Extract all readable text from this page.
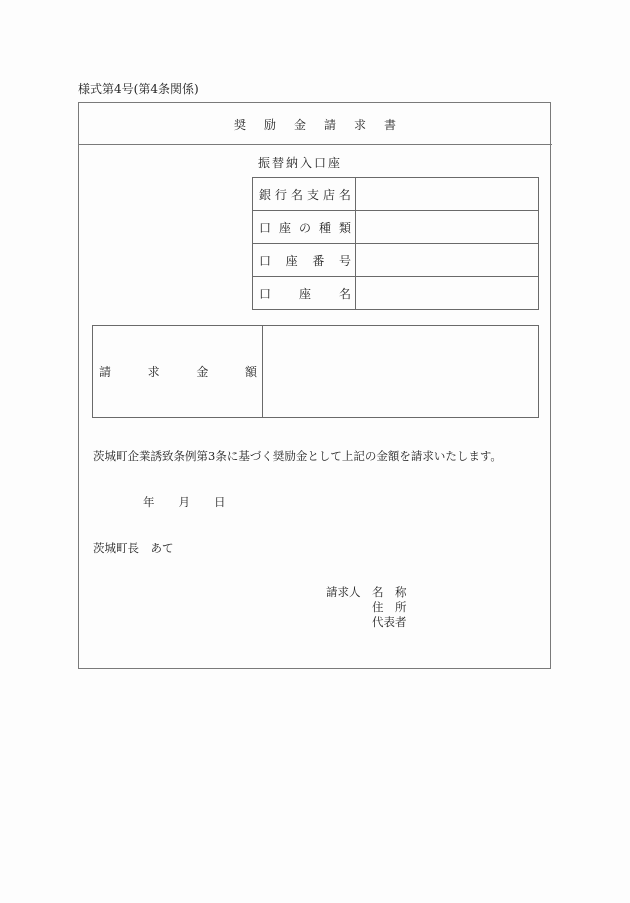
様式第4号(第4条関係)
奨 励 金 請 求 書
振替納入口座
銀 行 名 支 店 名

口 座 の 種 類	

口 座 番 号	

口 座 名	

請	求	金	額

茨城町企業誘致条例第3条に基づく奨励金として上記の金額を請求いたします。
年 月 日
茨城町長　あて
請求人	名　称
住　所
代表者
